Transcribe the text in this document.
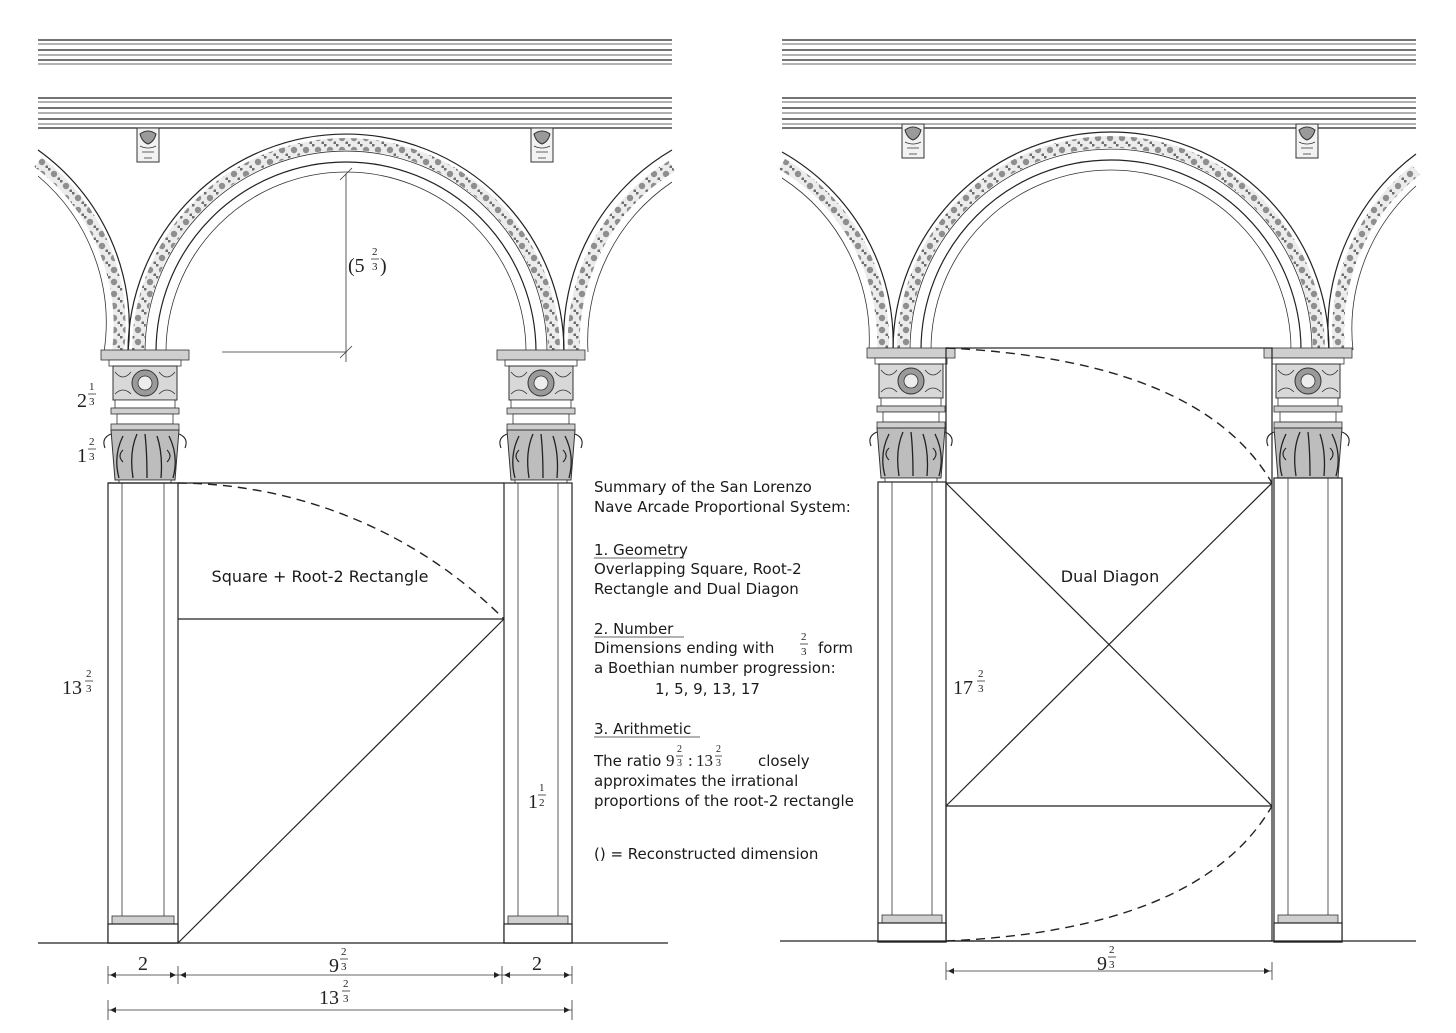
(5
2
3 )
2
1
3
1
2
3
13
2
3
1
1
2
Square + Root-2 Rectangle
2	2
9
2
3
13
2
3
Dual Diagon
17
2
3
9
2
3
Summary of the San Lorenzo
Nave Arcade Proportional System:
1. Geometry
Overlapping Square, Root-2
Rectangle and Dual Diagon
2. Number
Dimensions ending with
2
3 form
a Boethian number progression:
1, 5, 9, 13, 17
3. Arithmetic
The ratio 9
2
3 : 13
2
3 closely
approximates the irrational
proportions of the root-2 rectangle
() = Reconstructed dimension
